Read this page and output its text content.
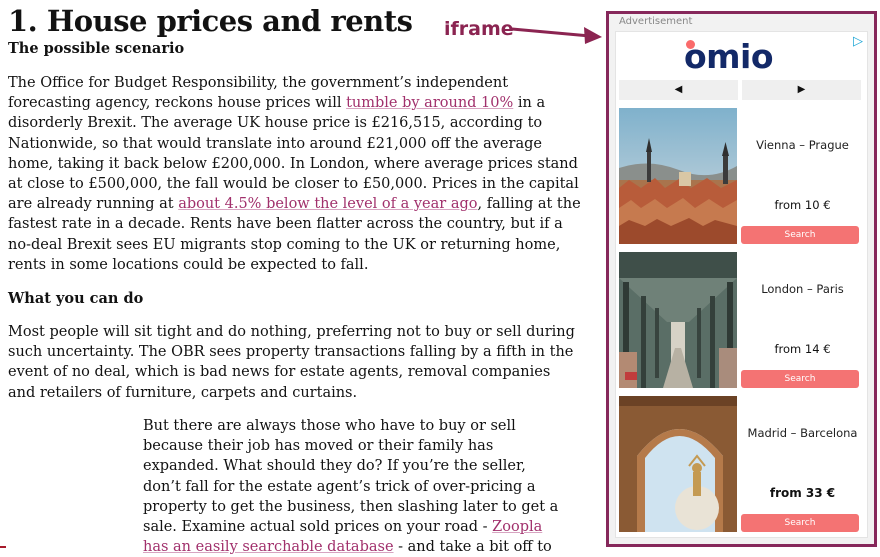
1. House prices and rents
The possible scenario
The Office for Budget Responsibility, the government’s independent
forecasting agency, reckons house prices will tumble by around 10% in a
disorderly Brexit. The average UK house price is £216,515, according to
Nationwide, so that would translate into around £21,000 off the average
home, taking it back below £200,000. In London, where average prices stand
at close to £500,000, the fall would be closer to £50,000. Prices in the capital
are already running at about 4.5% below the level of a year ago, falling at the
fastest rate in a decade. Rents have been flatter across the country, but if a
no-deal Brexit sees EU migrants stop coming to the UK or returning home,
rents in some locations could be expected to fall.
What you can do
Most people will sit tight and do nothing, preferring not to buy or sell during
such uncertainty. The OBR sees property transactions falling by a fifth in the
event of no deal, which is bad news for estate agents, removal companies
and retailers of furniture, carpets and curtains.
But there are always those who have to buy or sell
because their job has moved or their family has
expanded. What should they do? If you’re the seller,
don’t fall for the estate agent’s trick of over-pricing a
property to get the business, then slashing later to get a
sale. Examine actual sold prices on your road - Zoopla
has an easily searchable database - and take a bit off to
iframe	Advertisement
omio	▷
◀	▶
Vienna – Prague
from 10 €
Search
London – Paris
from 14 €
Search
Madrid – Barcelona
from 33 €
Search
